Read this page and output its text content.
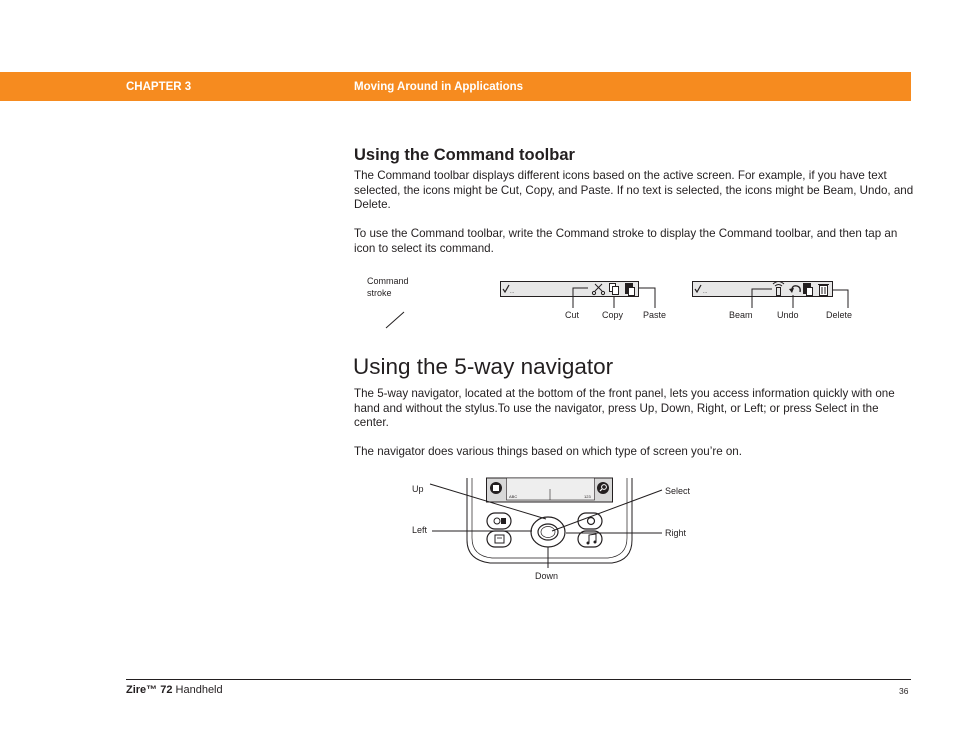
CHAPTER 3	Moving Around in Applications
Using the Command toolbar

The Command toolbar displays different icons based on the active screen. For example, if you have text selected, the icons might be Cut, Copy, and Paste. If no text is selected, the icons might be Beam, Undo, and Delete.

To use the Command toolbar, write the Command stroke to display the Command toolbar, and then tap an icon to select its command.

Command
stroke	...	...
Cut	Copy Paste	Beam	Undo	Delete
Using the 5-way navigator

The 5-way navigator, located at the bottom of the front panel, lets you access information quickly with one hand and without the stylus.To use the navigator, press Up, Down, Right, or Left; or press Select in the center.

The navigator does various things based on which type of screen you’re on.

ABC	123
Up
Left
Down
Select
Right
Zire™ 72 Handheld	36
